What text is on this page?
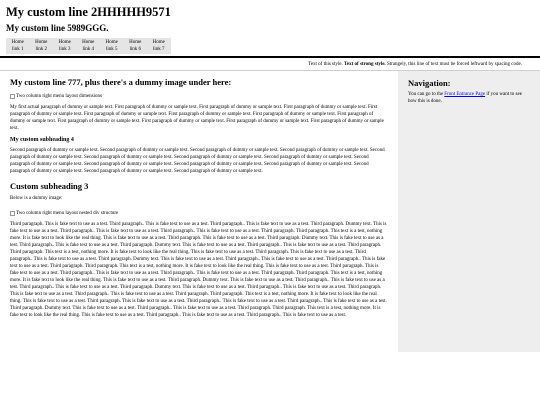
My custom line 2HHHHH9571
My custom line 5989GGG.
Home
link 1
Home
link 2
Home
link 3
Home
link 4
Home
link 5
Home
link 6
Home
link 7
Text of this style. Text of strong style. Strangely, this line of text must be forced leftward by spacing code.
My custom line 777, plus there's a dummy image under here:
Two column right menu layout dimensions

My first actual paragraph of dummy or sample text. First paragraph of dummy or sample text. First paragraph of dummy or sample text. First paragraph of dummy or sample text. First paragraph of dummy or sample text. First paragraph of dummy or sample text. First paragraph of dummy or sample text. First paragraph of dummy or sample text. First paragraph of dummy or sample text. First paragraph of dummy or sample text. First paragraph of dummy or sample text. First paragraph of dummy or sample text. First paragraph of dummy or sample text.

My custom subheading 4

Second paragraph of dummy or sample text. Second paragraph of dummy or sample text. Second paragraph of dummy or sample text. Second paragraph of dummy or sample text. Second paragraph of dummy or sample text. Second paragraph of dummy or sample text. Second paragraph of dummy or sample text. Second paragraph of dummy or sample text. Second paragraph of dummy or sample text. Second paragraph of dummy or sample text. Second paragraph of dummy or sample text. Second paragraph of dummy or sample text. Second paragraph of dummy or sample text. Second paragraph of dummy or sample text. Second paragraph of dummy or sample text.

Custom subheading 3

Below is a dummy image:

Two column right menu layout nested div structure

Third paragraph. This is fake text to use as a test. Third paragraph.. This is fake text to use as a test. Third paragraph.. This is fake text to use as a test. Third paragraph. Dummy text. This is fake text to use as a test. Third paragraph.. This is fake text to use as a test. Third paragraph.. This is fake text to use as a test. Third paragraph. Third paragraph. This text is a test, nothing more. It is fake text to look like the real thing. This is fake text to use as a test. Third paragraph. This is fake text to use as a test. Third paragraph. Dummy text. This is fake text to use as a test. Third paragraph.. This is fake text to use as a test. Third paragraph. Dummy text. This is fake text to use as a test. Third paragraph.. This is fake text to use as a test. Third paragraph. Third paragraph. This text is a test, nothing more. It is fake text to look like the real thing. This is fake text to use as a test. Third paragraph. This is fake text to use as a test. Third paragraph.. This is fake text to use as a test. Third paragraph. Dummy text. This is fake text to use as a test. Third paragraph.. This is fake text to use as a test. Third paragraph.. This is fake text to use as a test. Third paragraph. Third paragraph. This text is a test, nothing more. It is fake text to look like the real thing. This is fake text to use as a test. Third paragraph. This is fake text to use as a test. Third paragraph.. This is fake text to use as a test. Third paragraph.. This is fake text to use as a test. Third paragraph. Third paragraph. This text is a test, nothing more. It is fake text to look like the real thing. This is fake text to use as a test. Third paragraph. Dummy text. This is fake text to use as a test. Third paragraph.. This is fake text to use as a test. Third paragraph.. This is fake text to use as a test. Third paragraph. Dummy text. This is fake text to use as a test. Third paragraph.. This is fake text to use as a test. Third paragraph. This is fake text to use as a test. Third paragraph.. This is fake text to use as a test. Third paragraph. Third paragraph. This text is a test, nothing more. It is fake text to look like the real thing. This is fake text to use as a test. Third paragraph. This is fake text to use as a test. Third paragraph.. This is fake text to use as a test. Third paragraph.. This is fake text to use as a test. Third paragraph. Dummy text. This is fake text to use as a test. Third paragraph.. This is fake text to use as a test. Third paragraph. Third paragraph. This text is a test, nothing more. It is fake text to look like the real thing. This is fake text to use as a test. Third paragraph.. This is fake text to use as a test. Third paragraph.. This is fake text to use as a test.

Navigation:

You can go to the Front Entrance Page if you want to see how this is done.
